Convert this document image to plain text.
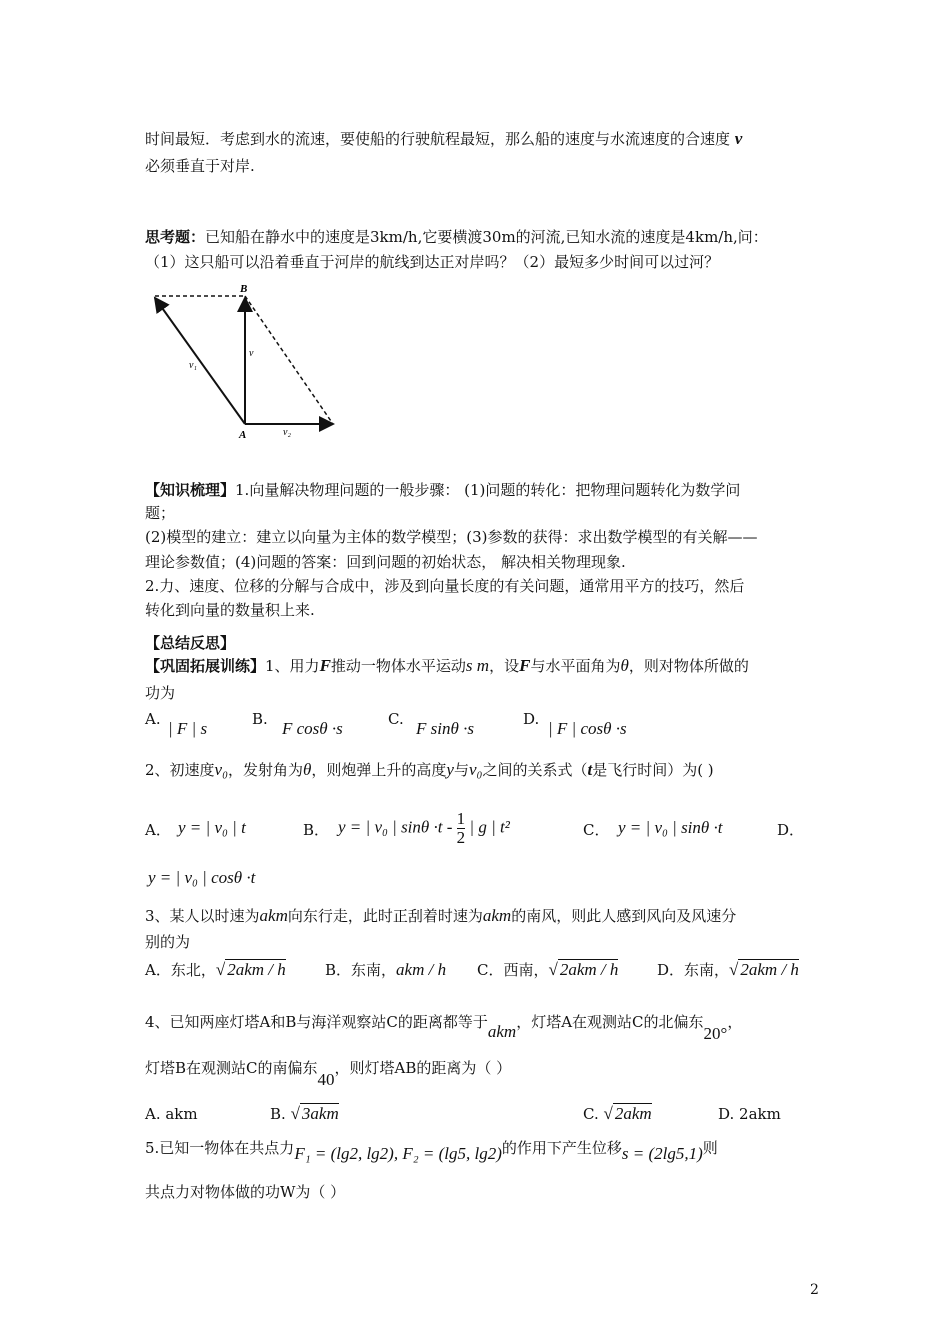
时间最短．考虑到水的流速，要使船的行驶航程最短，那么船的速度与水流速度的合速度 v
必须垂直于对岸.
思考题：已知船在静水中的速度是3km/h,它要横渡30m的河流,已知水流的速度是4km/h,问：
（1）这只船可以沿着垂直于河岸的航线到达正对岸吗？（2）最短多少时间可以过河？
B
A
v
v₁
v₂
【知识梳理】1.向量解决物理问题的一般步骤： (1)问题的转化：把物理问题转化为数学问
题；
(2)模型的建立：建立以向量为主体的数学模型；(3)参数的获得：求出数学模型的有关解——
理论参数值；(4)问题的答案：回到问题的初始状态， 解决相关物理现象.
2.力、速度、位移的分解与合成中，涉及到向量长度的有关问题，通常用平方的技巧，然后
转化到向量的数量积上来.
【总结反思】
【巩固拓展训练】1、用力F推动一物体水平运动s m，设F与水平面角为θ，则对物体所做的
功为
A. | F | s	B. F cosθ ·s	C. F sinθ ·s	D. | F | cosθ ·s
2、初速度v₀，发射角为θ，则炮弹上升的高度y与v₀之间的关系式（t是飞行时间）为( )
A． y = | v₀ | t	B． y = | v₀ | $\sin\theta \cdot t - \frac{1}{2}$ | g | t²	C． y = | v₀ | sinθ ·t	D．
y = | v₀ | cosθ ·t
3、某人以时速为akm向东行走，此时正刮着时速为akm的南风，则此人感到风向及风速分
别的为
A．东北，√ 2akm / h	B．东南，akm / h C．西南，√ 2akm / h	D．东南，√ 2akm / h
4、已知两座灯塔A和B与海洋观察站C的距离都等于akm，灯塔A在观测站C的北偏东20°，
灯塔B在观测站C的南偏东40，则灯塔AB的距离为（ ）
A. akm	B. √ 3akm	C. √ 2akm	D. 2akm
5.已知一物体在共点力F₁ = (lg2, lg2), F₂ = (lg5, lg2)的作用下产生位移s = (2lg5,1)则
共点力对物体做的功W为（ ）
2
